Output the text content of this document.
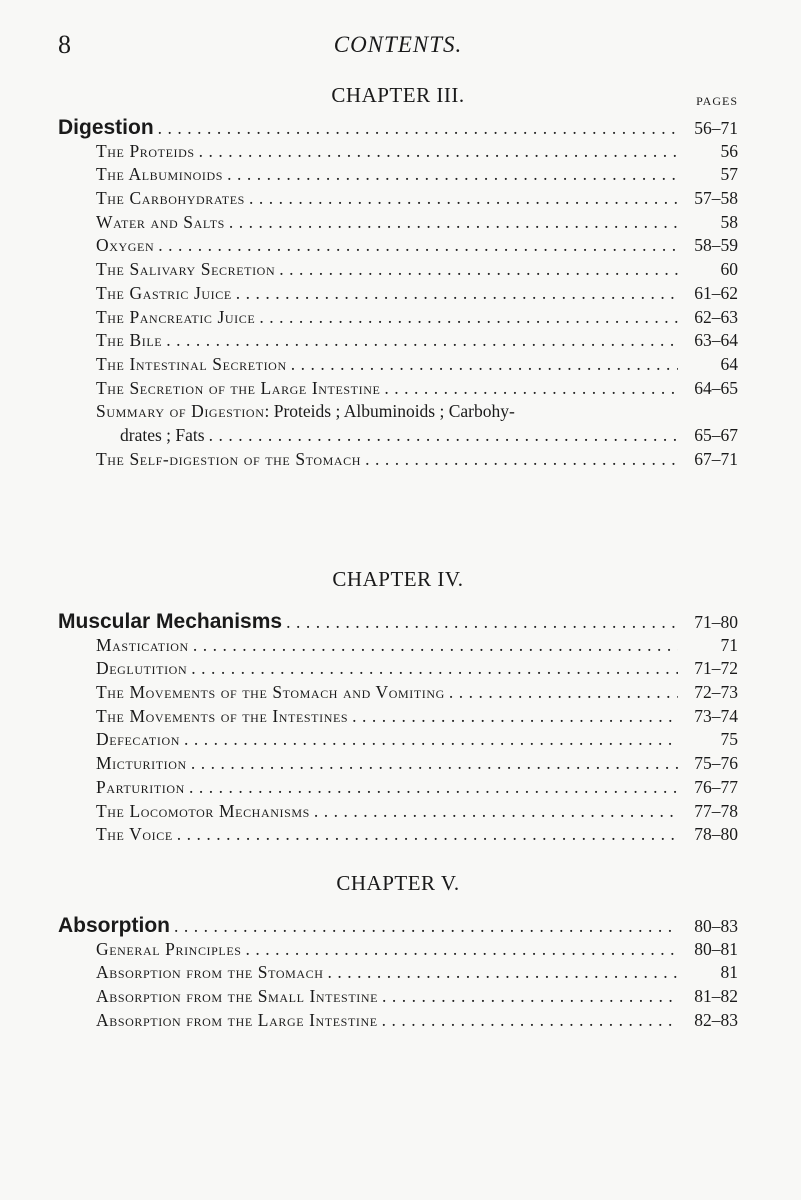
8	CONTENTS.
CHAPTER III.	PAGES
Digestion .....	56–71
The Proteids .....	56
The Albuminoids .....	57
The Carbohydrates .....	57–58
Water and Salts .....	58
Oxygen .....	58–59
The Salivary Secretion .....	60
The Gastric Juice .....	61–62
The Pancreatic Juice .....	62–63
The Bile .....	63–64
The Intestinal Secretion .....	64
The Secretion of the Large Intestine .....	64–65
Summary of Digestion: Proteids ; Albuminoids ; Carbohy-
drates ; Fats .....	65–67
The Self-digestion of the Stomach .....	67–71
CHAPTER IV.
Muscular Mechanisms .....	71–80
Mastication .....	71
Deglutition .....	71–72
The Movements of the Stomach and Vomiting .....	72–73
The Movements of the Intestines .....	73–74
Defecation .....	75
Micturition .....	75–76
Parturition .....	76–77
The Locomotor Mechanisms .....	77–78
The Voice .....	78–80
CHAPTER V.
Absorption .....	80–83
General Principles .....	80–81
Absorption from the Stomach .....	81
Absorption from the Small Intestine .....	81–82
Absorption from the Large Intestine .....	82–83
